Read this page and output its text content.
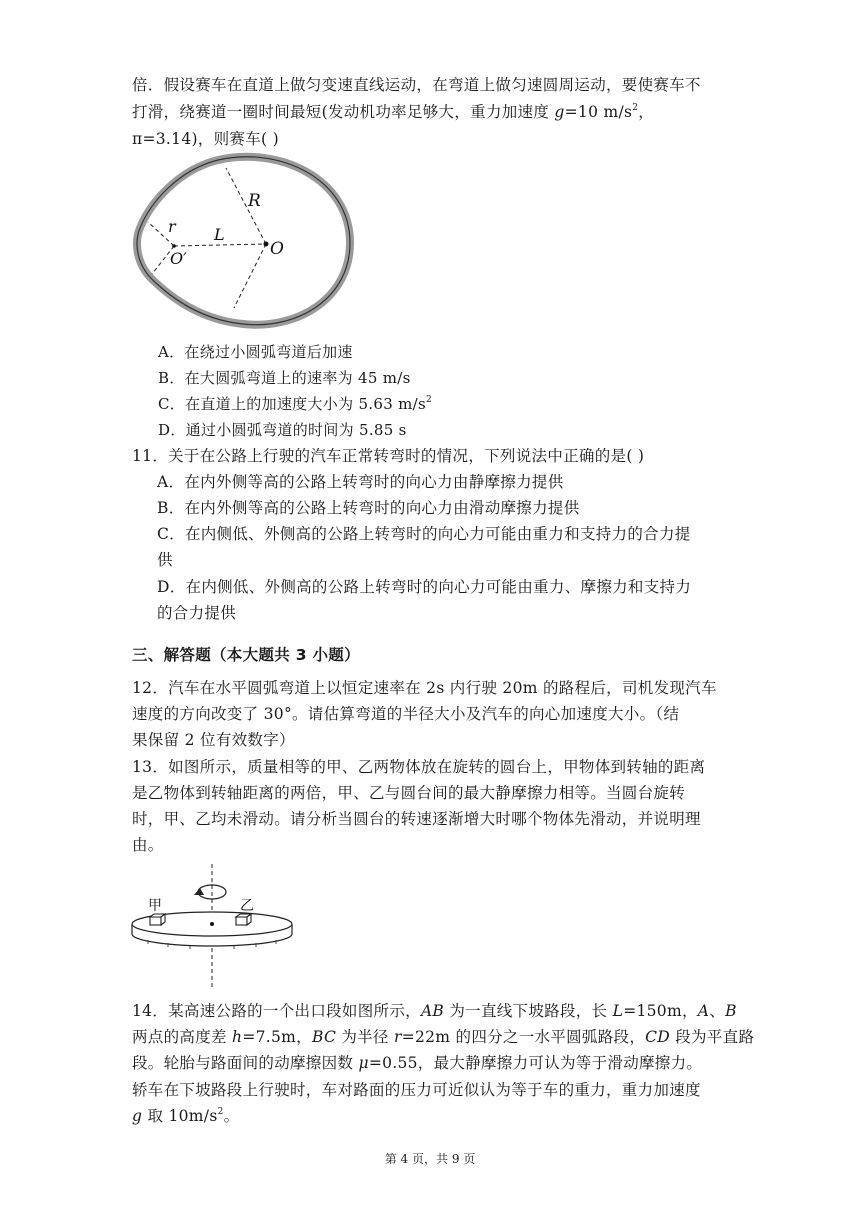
倍．假设赛车在直道上做匀变速直线运动，在弯道上做匀速圆周运动，要使赛车不
打滑，绕赛道一圈时间最短(发动机功率足够大，重力加速度 g=10 $m/s^2$，
π=3.14)，则赛车( )
R
r L
O
O′
A．在绕过小圆弧弯道后加速
B．在大圆弧弯道上的速率为 45 m/s
C．在直道上的加速度大小为 5.63 $m/s^2$
D．通过小圆弧弯道的时间为 5.85 s
11．关于在公路上行驶的汽车正常转弯时的情况，下列说法中正确的是( )
A．在内外侧等高的公路上转弯时的向心力由静摩擦力提供
B．在内外侧等高的公路上转弯时的向心力由滑动摩擦力提供
C．在内侧低、外侧高的公路上转弯时的向心力可能由重力和支持力的合力提
供
D．在内侧低、外侧高的公路上转弯时的向心力可能由重力、摩擦力和支持力
的合力提供
三、解答题（本大题共 3 小题）
12．汽车在水平圆弧弯道上以恒定速率在 2s 内行驶 20m 的路程后，司机发现汽车
速度的方向改变了 30°。请估算弯道的半径大小及汽车的向心加速度大小。（结
果保留 2 位有效数字）
13．如图所示，质量相等的甲、乙两物体放在旋转的圆台上，甲物体到转轴的距离
是乙物体到转轴距离的两倍，甲、乙与圆台间的最大静摩擦力相等。当圆台旋转
时，甲、乙均未滑动。请分析当圆台的转速逐渐增大时哪个物体先滑动，并说明理
由。
甲	乙
14．某高速公路的一个出口段如图所示，AB 为一直线下坡路段，长 L=150m，A、B
两点的高度差 h=7.5m，BC 为半径 r=22m 的四分之一水平圆弧路段，CD 段为平直路
段。轮胎与路面间的动摩擦因数 μ=0.55，最大静摩擦力可认为等于滑动摩擦力。
轿车在下坡路段上行驶时，车对路面的压力可近似认为等于车的重力，重力加速度
g 取 $10m/s^2$。
第 4 页，共 9 页
